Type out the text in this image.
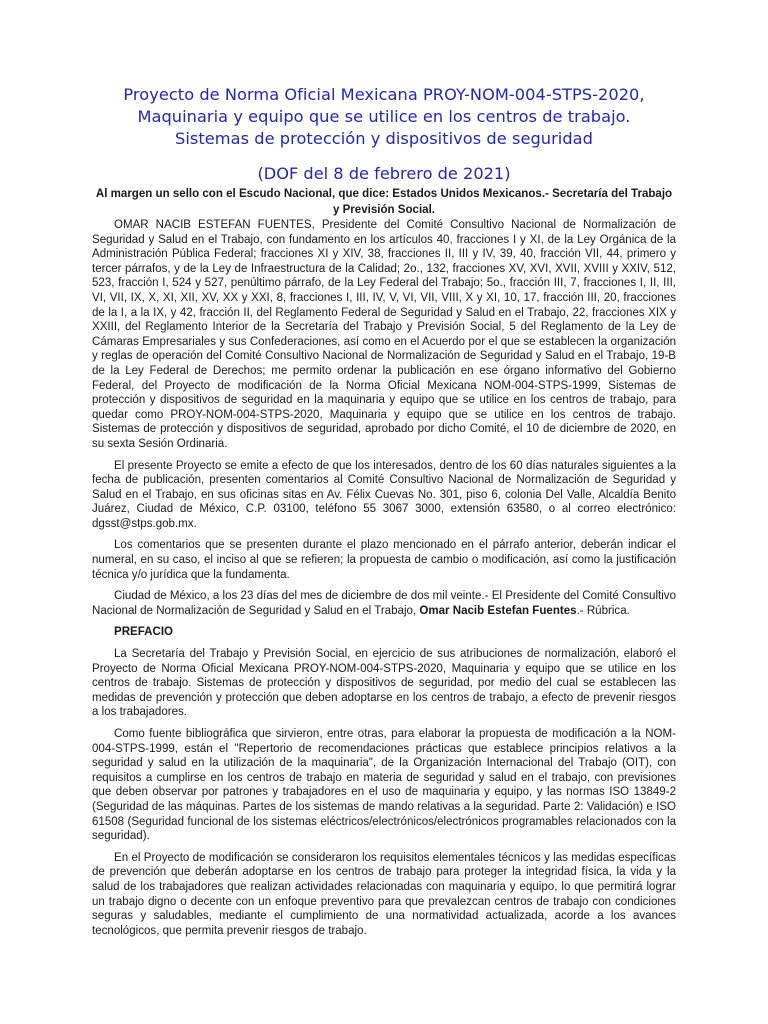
Proyecto de Norma Oficial Mexicana PROY-NOM-004-STPS-2020,
Maquinaria y equipo que se utilice en los centros de trabajo.
Sistemas de protección y dispositivos de seguridad
(DOF del 8 de febrero de 2021)
Al margen un sello con el Escudo Nacional, que dice: Estados Unidos Mexicanos.- Secretaría del Trabajo y Previsión Social.

OMAR NACIB ESTEFAN FUENTES, Presidente del Comité Consultivo Nacional de Normalización de Seguridad y Salud en el Trabajo, con fundamento en los artículos 40, fracciones I y XI, de la Ley Orgánica de la Administración Pública Federal; fracciones XI y XIV, 38, fracciones II, III y IV, 39, 40, fracción VII, 44, primero y tercer párrafos, y de la Ley de Infraestructura de la Calidad; 2o., 132, fracciones XV, XVI, XVII, XVIII y XXIV, 512, 523, fracción I, 524 y 527, penúltimo párrafo, de la Ley Federal del Trabajo; 5o., fracción III, 7, fracciones I, II, III, VI, VII, IX, X, XI, XII, XV, XX y XXI, 8, fracciones I, III, IV, V, VI, VII, VIII, X y XI, 10, 17, fracción III, 20, fracciones de la I, a la IX, y 42, fracción II, del Reglamento Federal de Seguridad y Salud en el Trabajo, 22, fracciones XIX y XXIII, del Reglamento Interior de la Secretaría del Trabajo y Previsión Social, 5 del Reglamento de la Ley de Cámaras Empresariales y sus Confederaciones, así como en el Acuerdo por el que se establecen la organización y reglas de operación del Comité Consultivo Nacional de Normalización de Seguridad y Salud en el Trabajo, 19-B de la Ley Federal de Derechos; me permito ordenar la publicación en ese órgano informativo del Gobierno Federal, del Proyecto de modificación de la Norma Oficial Mexicana NOM-004-STPS-1999, Sistemas de protección y dispositivos de seguridad en la maquinaria y equipo que se utilice en los centros de trabajo, para quedar como PROY-NOM-004-STPS-2020, Maquinaria y equipo que se utilice en los centros de trabajo. Sistemas de protección y dispositivos de seguridad, aprobado por dicho Comité, el 10 de diciembre de 2020, en su sexta Sesión Ordinaria.

El presente Proyecto se emite a efecto de que los interesados, dentro de los 60 días naturales siguientes a la fecha de publicación, presenten comentarios al Comité Consultivo Nacional de Normalización de Seguridad y Salud en el Trabajo, en sus oficinas sitas en Av. Félix Cuevas No. 301, piso 6, colonia Del Valle, Alcaldía Benito Juárez, Ciudad de México, C.P. 03100, teléfono 55 3067 3000, extensión 63580, o al correo electrónico: dgsst@stps.gob.mx.

Los comentarios que se presenten durante el plazo mencionado en el párrafo anterior, deberán indicar el numeral, en su caso, el inciso al que se refieren; la propuesta de cambio o modificación, así como la justificación técnica y/o jurídica que la fundamenta.

Ciudad de México, a los 23 días del mes de diciembre de dos mil veinte.- El Presidente del Comité Consultivo Nacional de Normalización de Seguridad y Salud en el Trabajo, Omar Nacib Estefan Fuentes.- Rúbrica.

PREFACIO

La Secretaría del Trabajo y Previsión Social, en ejercicio de sus atribuciones de normalización, elaboró el Proyecto de Norma Oficial Mexicana PROY-NOM-004-STPS-2020, Maquinaria y equipo que se utilice en los centros de trabajo. Sistemas de protección y dispositivos de seguridad, por medio del cual se establecen las medidas de prevención y protección que deben adoptarse en los centros de trabajo, a efecto de prevenir riesgos a los trabajadores.

Como fuente bibliográfica que sirvieron, entre otras, para elaborar la propuesta de modificación a la NOM-004-STPS-1999, están el "Repertorio de recomendaciones prácticas que establece principios relativos a la seguridad y salud en la utilización de la maquinaria", de la Organización Internacional del Trabajo (OIT), con requisitos a cumplirse en los centros de trabajo en materia de seguridad y salud en el trabajo, con previsiones que deben observar por patrones y trabajadores en el uso de maquinaria y equipo, y las normas ISO 13849-2 (Seguridad de las máquinas. Partes de los sistemas de mando relativas a la seguridad. Parte 2: Validación) e ISO 61508 (Seguridad funcional de los sistemas eléctricos/electrónicos/electrónicos programables relacionados con la seguridad).

En el Proyecto de modificación se consideraron los requisitos elementales técnicos y las medidas específicas de prevención que deberán adoptarse en los centros de trabajo para proteger la integridad física, la vida y la salud de los trabajadores que realizan actividades relacionadas con maquinaria y equipo, lo que permitirá lograr un trabajo digno o decente con un enfoque preventivo para que prevalezcan centros de trabajo con condiciones seguras y saludables, mediante el cumplimiento de una normatividad actualizada, acorde a los avances tecnológicos, que permita prevenir riesgos de trabajo.
